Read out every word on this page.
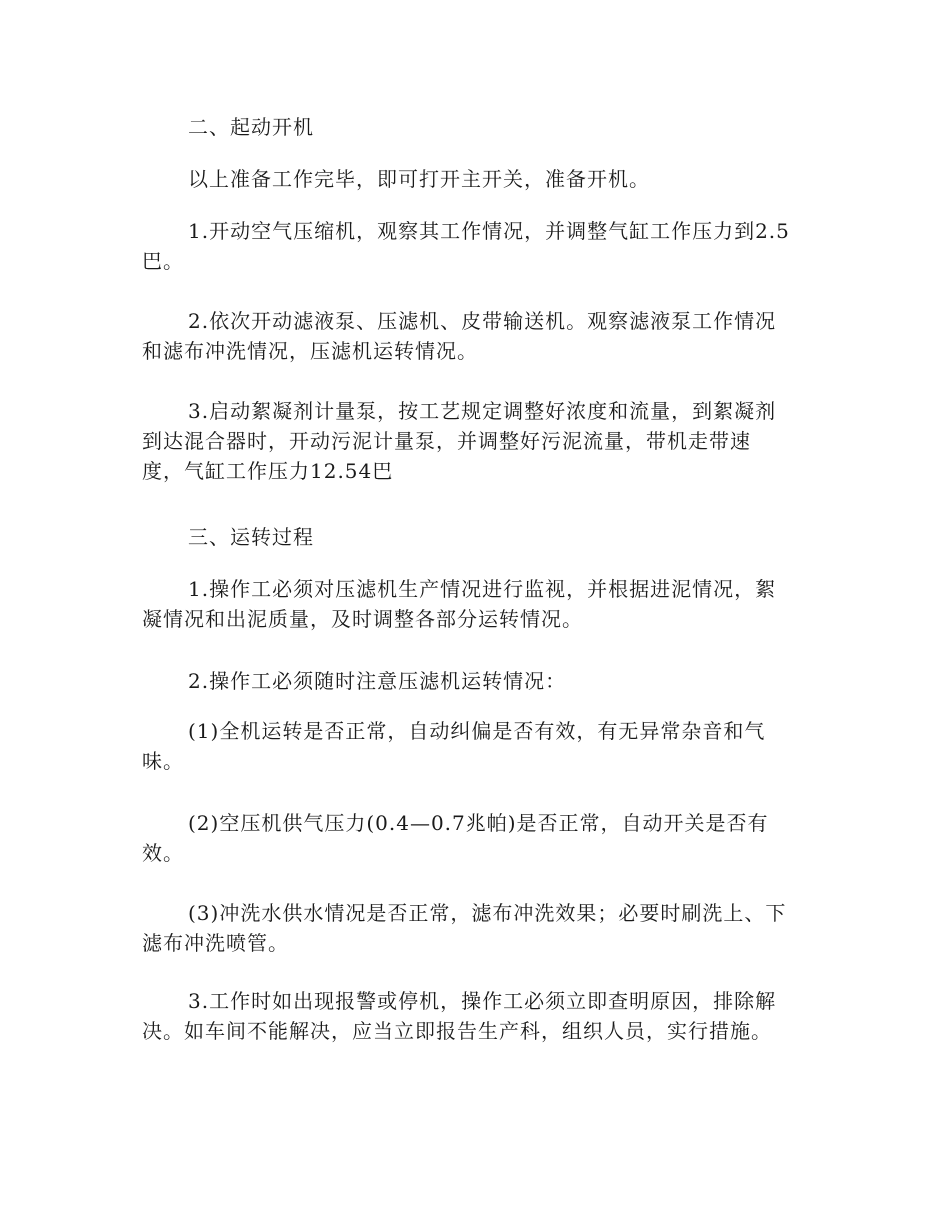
二、起动开机
以上准备工作完毕，即可打开主开关，准备开机。
1.开动空气压缩机，观察其工作情况，并调整气缸工作压力到2.5
巴。
2.依次开动滤液泵、压滤机、皮带输送机。观察滤液泵工作情况
和滤布冲洗情况，压滤机运转情况。
3.启动絮凝剂计量泵，按工艺规定调整好浓度和流量，到絮凝剂
到达混合器时，开动污泥计量泵，并调整好污泥流量，带机走带速
度，气缸工作压力12.54巴
三、运转过程
1.操作工必须对压滤机生产情况进行监视，并根据进泥情况，絮
凝情况和出泥质量，及时调整各部分运转情况。
2.操作工必须随时注意压滤机运转情况：
(1)全机运转是否正常，自动纠偏是否有效，有无异常杂音和气
味。
(2)空压机供气压力(0.4—0.7兆帕)是否正常，自动开关是否有
效。
(3)冲洗水供水情况是否正常，滤布冲洗效果；必要时刷洗上、下
滤布冲洗喷管。
3.工作时如出现报警或停机，操作工必须立即查明原因，排除解
决。如车间不能解决，应当立即报告生产科，组织人员，实行措施。
